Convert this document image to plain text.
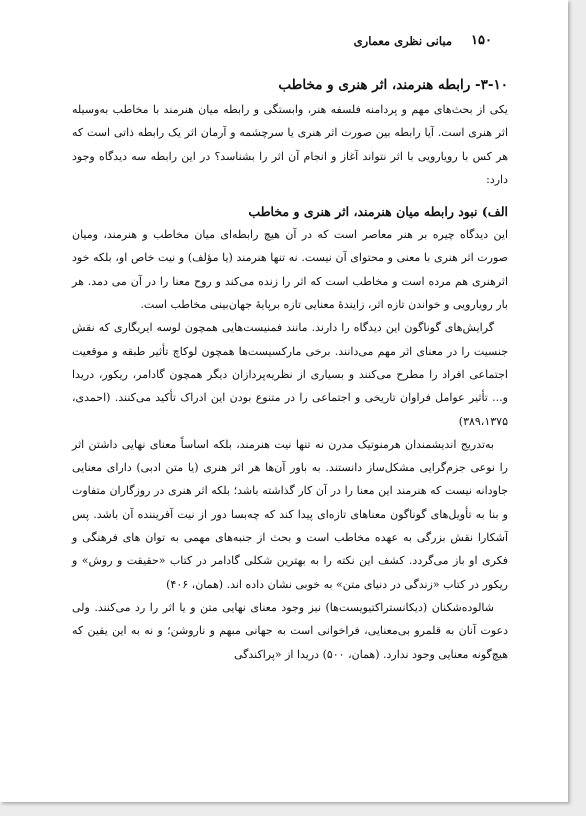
۱۵۰
مبانی نظری معماری
۳-۱۰- رابطه هنرمند، اثر هنری و مخاطب

یکی از بحث‌های مهم و پردامنه فلسفه هنر، وابستگی و رابطه میان هنرمند با مخاطب به‌وسیله اثر هنری است. آیا رابطه بین صورت اثر هنری یا سرچشمه و آرمان اثر یک رابطه ذاتی است که هر کس با رویارویی با اثر نتواند آغاز و انجام آن اثر را بشناسد؟ در این رابطه سه دیدگاه وجود دارد:

الف) نبود رابطه میان هنرمند، اثر هنری و مخاطب

این دیدگاه چیره بر هنر معاصر است که در آن هیچ رابطه‌ای میان مخاطب و هنرمند، ومیان صورت اثر هنری با معنی و محتوای آن نیست. نه تنها هنرمند (یا مؤلف) و نیت خاص او، بلکه خود اثرهنری هم مرده است و مخاطب است که اثر را زنده می‌کند و روح معنا را در آن می دمد. هر بار رویارویی و خواندن تازه اثر، زایندهٔ معنایی تازه برپایهٔ جهان‌بینی مخاطب است.

گرایش‌های گوناگون این دیدگاه را دارند. مانند فمنیست‌هایی همچون لوسه ایریگاری که نقش جنسیت را در معنای اثر مهم می‌دانند. برخی مارکسیست‌ها همچون لوکاچ تأثیر طبقه و موقعیت اجتماعی افراد را مطرح می‌کنند و بسیاری از نظریه‌پردازان دیگر همچون گادامر، ریکور، دریدا و... تأثیر عوامل فراوان تاریخی و اجتماعی را در متنوع بودن این ادراک تأکید می‌کنند. (احمدی، ۳۸۹،۱۳۷۵)

به‌تدریج اندیشمندان هرمنوتیک مدرن نه تنها نیت هنرمند، بلکه اساساً معنای نهایی داشتن اثر را نوعی جزم‌گرایی مشکل‌ساز دانستند. به باور آن‌ها هر اثر هنری (یا متن ادبی) دارای معنایی جاودانه نیست که هنرمند این معنا را در آن کار گذاشته باشد؛ بلکه اثر هنری در روزگاران متفاوت و بنا به تأویل‌های گوناگون معناهای تازه‌ای پیدا کند که چه‌بسا دور از نیت آفریننده آن باشد. پس آشکارا نقش بزرگی به عهده مخاطب است و بحث از جنبه‌های مهمی به توان های فرهنگی و فکری او باز می‌گردد. کشف این نکته را به بهترین شکلی گادامر در کتاب «حقیقت و روش» و ریکور در کتاب «زندگی در دنیای متن» به خوبی نشان داده اند. (همان، ۴۰۶)

شالوده‌شکنان (دیکانستراکتیویست‌ها) نیز وجود معنای نهایی متن و یا اثر را رد می‌کنند. ولی دعوت آنان به قلمرو بی‌معنایی، فراخوانی است به جهانی مبهم و ناروشن؛ و نه به این یقین که هیچ‌گونه معنایی وجود ندارد. (همان، ۵۰۰) دریدا از «پراکندگی
